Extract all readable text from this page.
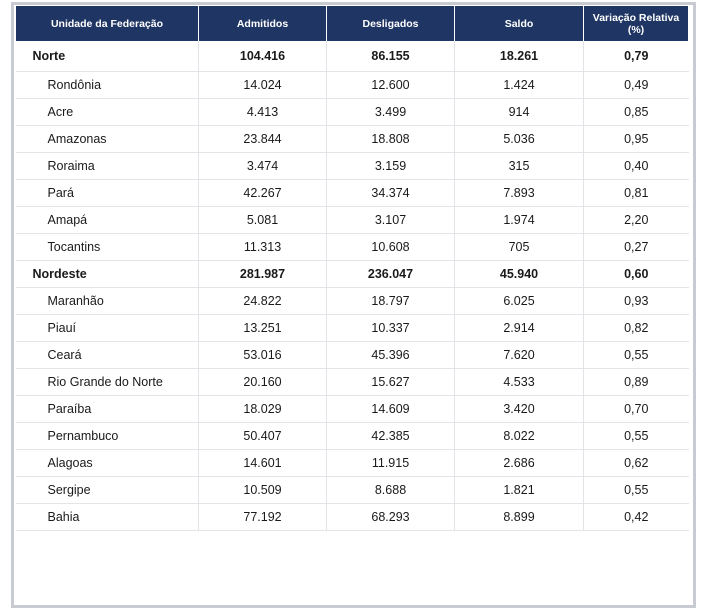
Unidade da Federação	Admitidos	Desligados	Saldo	Variação Relativa (%)
Norte	104.416	86.155	18.261	0,79
Rondônia	14.024	12.600	1.424	0,49
Acre	4.413	3.499	914	0,85
Amazonas	23.844	18.808	5.036	0,95
Roraima	3.474	3.159	315	0,40
Pará	42.267	34.374	7.893	0,81
Amapá	5.081	3.107	1.974	2,20
Tocantins	11.313	10.608	705	0,27
Nordeste	281.987	236.047	45.940	0,60
Maranhão	24.822	18.797	6.025	0,93
Piauí	13.251	10.337	2.914	0,82
Ceará	53.016	45.396	7.620	0,55
Rio Grande do Norte	20.160	15.627	4.533	0,89
Paraíba	18.029	14.609	3.420	0,70
Pernambuco	50.407	42.385	8.022	0,55
Alagoas	14.601	11.915	2.686	0,62
Sergipe	10.509	8.688	1.821	0,55
Bahia	77.192	68.293	8.899	0,42
